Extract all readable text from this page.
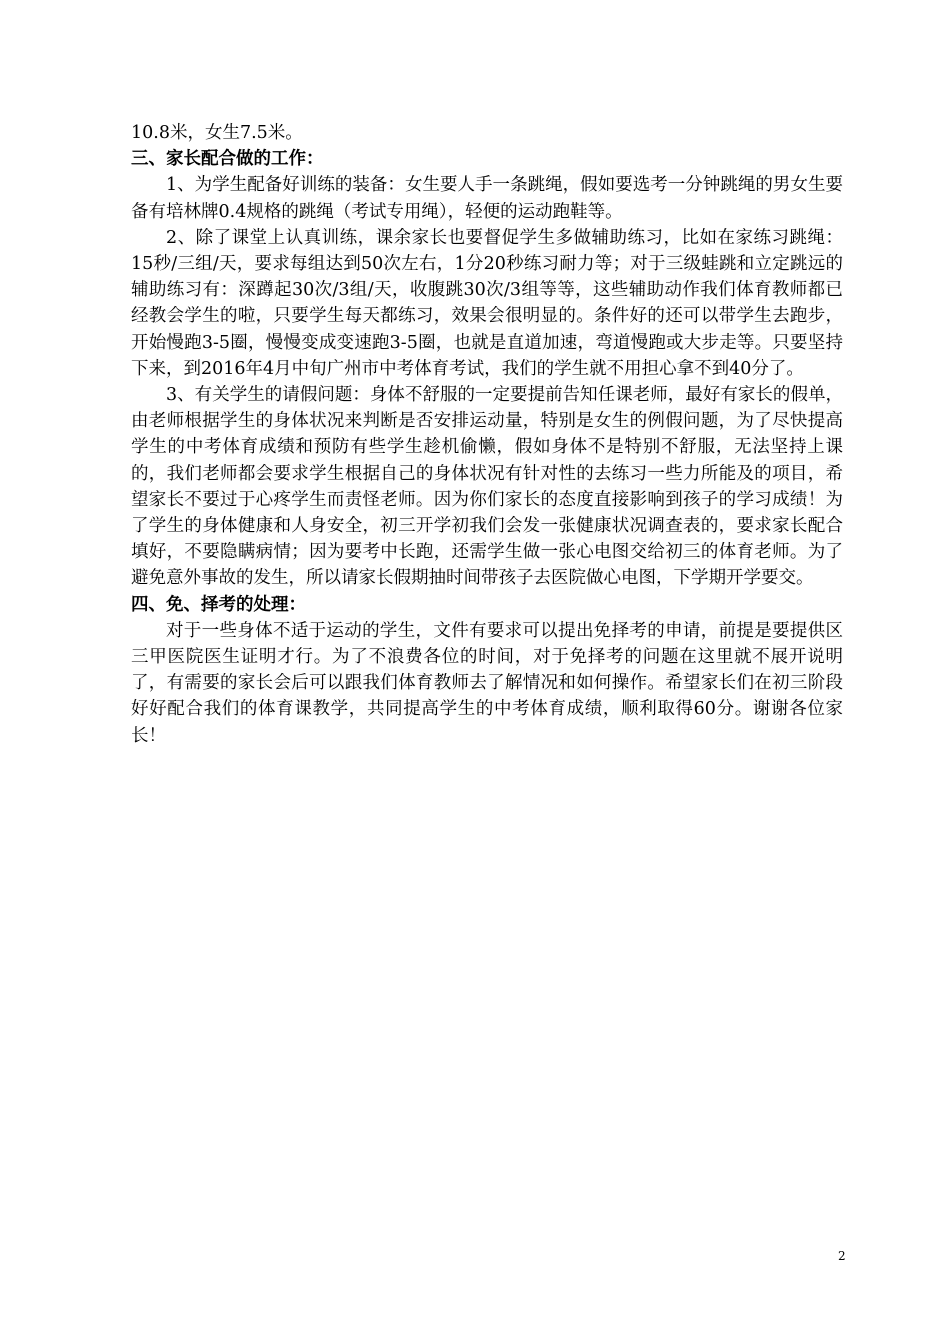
10.8米，女生7.5米。

三、家长配合做的工作：

1、为学生配备好训练的装备：女生要人手一条跳绳，假如要选考一分钟跳绳的男女生要备有培林牌0.4规格的跳绳（考试专用绳），轻便的运动跑鞋等。

2、除了课堂上认真训练，课余家长也要督促学生多做辅助练习，比如在家练习跳绳：15秒/三组/天，要求每组达到50次左右，1分20秒练习耐力等；对于三级蛙跳和立定跳远的辅助练习有：深蹲起30次/3组/天，收腹跳30次/3组等等，这些辅助动作我们体育教师都已经教会学生的啦，只要学生每天都练习，效果会很明显的。条件好的还可以带学生去跑步，开始慢跑3-5圈，慢慢变成变速跑3-5圈，也就是直道加速，弯道慢跑或大步走等。只要坚持下来，到2016年4月中旬广州市中考体育考试，我们的学生就不用担心拿不到40分了。

3、有关学生的请假问题：身体不舒服的一定要提前告知任课老师，最好有家长的假单，由老师根据学生的身体状况来判断是否安排运动量，特别是女生的例假问题，为了尽快提高学生的中考体育成绩和预防有些学生趁机偷懒，假如身体不是特别不舒服，无法坚持上课的，我们老师都会要求学生根据自己的身体状况有针对性的去练习一些力所能及的项目，希望家长不要过于心疼学生而责怪老师。因为你们家长的态度直接影响到孩子的学习成绩！为了学生的身体健康和人身安全，初三开学初我们会发一张健康状况调查表的，要求家长配合填好，不要隐瞒病情；因为要考中长跑，还需学生做一张心电图交给初三的体育老师。为了避免意外事故的发生，所以请家长假期抽时间带孩子去医院做心电图，下学期开学要交。

四、免、择考的处理：

对于一些身体不适于运动的学生，文件有要求可以提出免择考的申请，前提是要提供区三甲医院医生证明才行。为了不浪费各位的时间，对于免择考的问题在这里就不展开说明了，有需要的家长会后可以跟我们体育教师去了解情况和如何操作。希望家长们在初三阶段好好配合我们的体育课教学，共同提高学生的中考体育成绩，顺利取得60分。谢谢各位家长！

2
